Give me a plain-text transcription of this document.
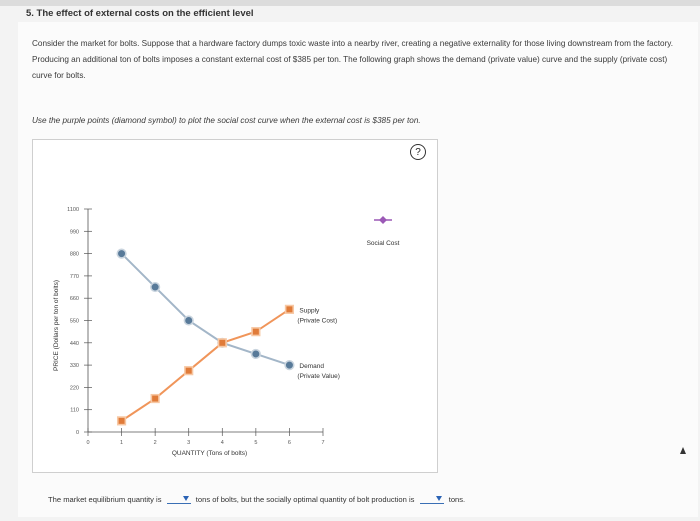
5. The effect of external costs on the efficient level
Consider the market for bolts. Suppose that a hardware factory dumps toxic waste into a nearby river, creating a negative externality for those living downstream from the factory. Producing an additional ton of bolts imposes a constant external cost of $385 per ton. The following graph shows the demand (private value) curve and the supply (private cost) curve for bolts.
Use the purple points (diamond symbol) to plot the social cost curve when the external cost is $385 per ton.
0
110
220
330
440
550
660
770
880
990
1100
0	1	2	3	4	5	6	7
QUANTITY (Tons of bolts)
PRICE (Dollars per ton of bolts)	Supply
(Private Cost)
Demand
(Private Value)
Social Cost
?
The market equilibrium quantity is	tons of bolts, but the socially optimal quantity of bolt production is	tons.
